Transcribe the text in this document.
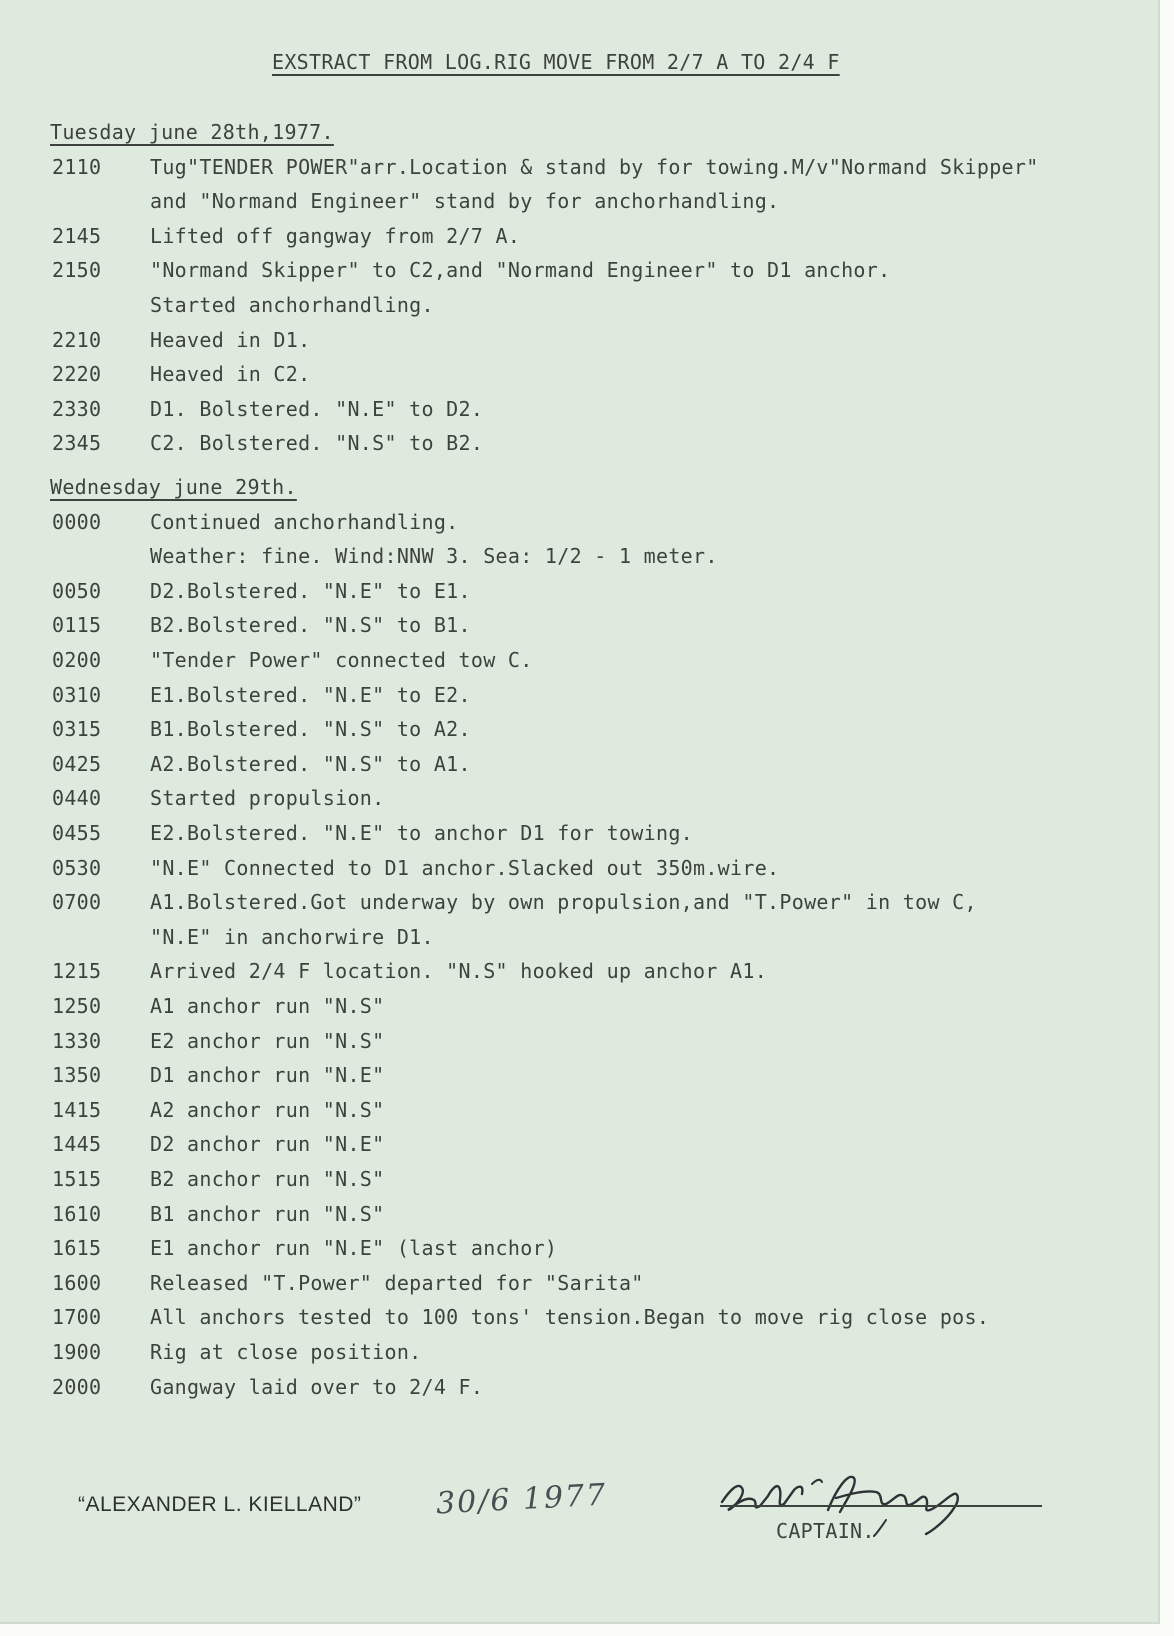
EXSTRACT FROM LOG.RIG MOVE FROM 2/7 A TO 2/4 F
Tuesday june 28th,1977.
2110	Tug"TENDER POWER"arr.Location & stand by for towing.M/v"Normand Skipper"
and "Normand Engineer" stand by for anchorhandling.
2145	Lifted off gangway from 2/7 A.
2150	"Normand Skipper" to C2,and "Normand Engineer" to D1 anchor.
Started anchorhandling.
2210	Heaved in D1.
2220	Heaved in C2.
2330	D1. Bolstered. "N.E" to D2.
2345	C2. Bolstered. "N.S" to B2.
Wednesday june 29th.
0000	Continued anchorhandling.
Weather: fine. Wind:NNW 3. Sea: 1/2 - 1 meter.
0050	D2.Bolstered. "N.E" to E1.
0115	B2.Bolstered. "N.S" to B1.
0200	"Tender Power" connected tow C.
0310	E1.Bolstered. "N.E" to E2.
0315	B1.Bolstered. "N.S" to A2.
0425	A2.Bolstered. "N.S" to A1.
0440	Started propulsion.
0455	E2.Bolstered. "N.E" to anchor D1 for towing.
0530	"N.E" Connected to D1 anchor.Slacked out 350m.wire.
0700	A1.Bolstered.Got underway by own propulsion,and "T.Power" in tow C,
"N.E" in anchorwire D1.
1215	Arrived 2/4 F location. "N.S" hooked up anchor A1.
1250	A1 anchor run "N.S"
1330	E2 anchor run "N.S"
1350	D1 anchor run "N.E"
1415	A2 anchor run "N.S"
1445	D2 anchor run "N.E"
1515	B2 anchor run "N.S"
1610	B1 anchor run "N.S"
1615	E1 anchor run "N.E" (last anchor)
1600	Released "T.Power" departed for "Sarita"
1700	All anchors tested to 100 tons' tension.Began to move rig close pos.
1900	Rig at close position.
2000	Gangway laid over to 2/4 F.
“ALEXANDER L. KIELLAND” 30/6 1977
Gjeld Haugs
CAPTAIN.
